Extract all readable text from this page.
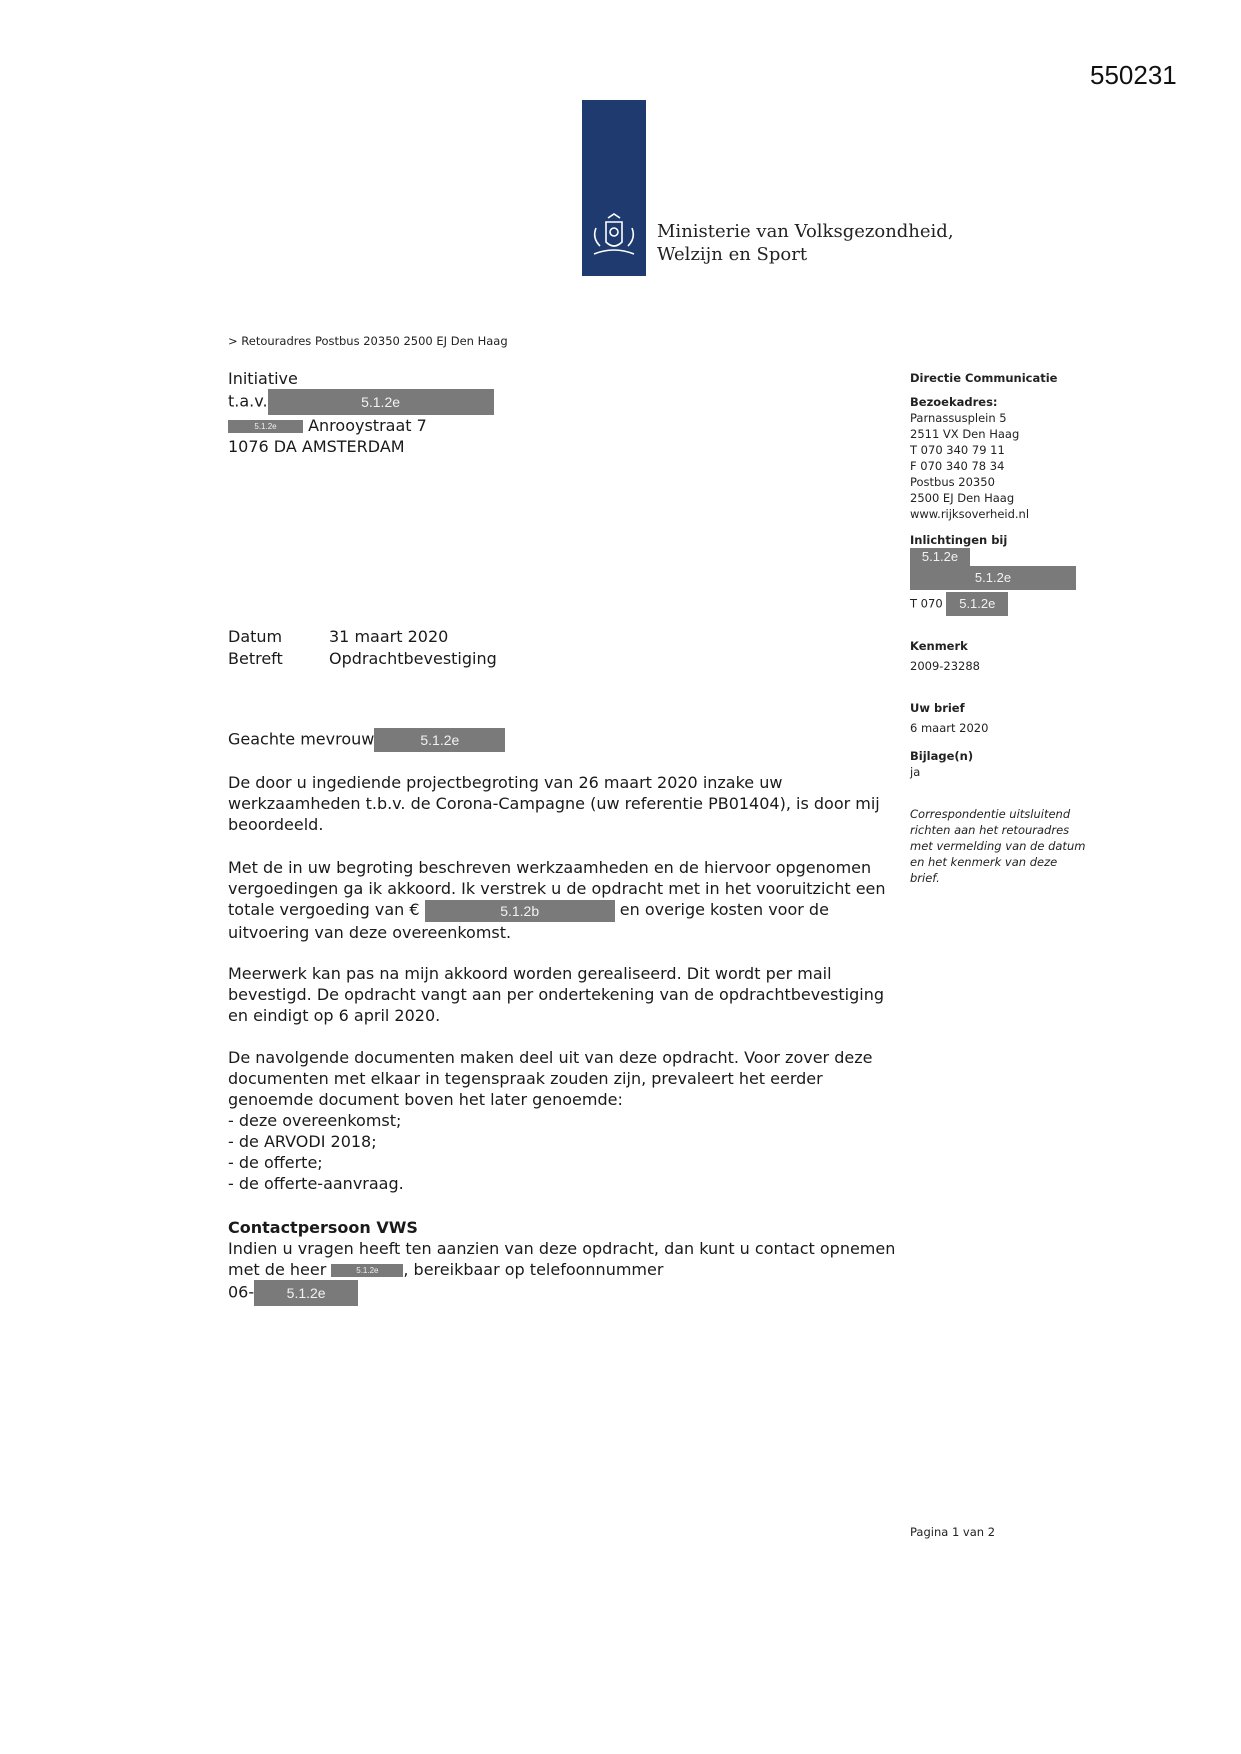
550231
Ministerie van Volksgezondheid,
Welzijn en Sport
> Retouradres Postbus 20350 2500 EJ Den Haag
Initiative
t.a.v.	5.1.2e
5.1.2e Anrooystraat 7
1076 DA AMSTERDAM
Datum	31 maart 2020
Betreft	Opdrachtbevestiging
Geachte mevrouw	5.1.2e
De door u ingediende projectbegroting van 26 maart 2020 inzake uw werkzaamheden t.b.v. de Corona-Campagne (uw referentie PB01404), is door mij beoordeeld.
Met de in uw begroting beschreven werkzaamheden en de hiervoor opgenomen vergoedingen ga ik akkoord. Ik verstrek u de opdracht met in het vooruitzicht een totale vergoeding van €	5.1.2b	en overige kosten voor de uitvoering van deze overeenkomst.
Meerwerk kan pas na mijn akkoord worden gerealiseerd. Dit wordt per mail bevestigd. De opdracht vangt aan per ondertekening van de opdrachtbevestiging en eindigt op 6 april 2020.
De navolgende documenten maken deel uit van deze opdracht. Voor zover deze documenten met elkaar in tegenspraak zouden zijn, prevaleert het eerder genoemde document boven het later genoemde:
- deze overeenkomst;
- de ARVODI 2018;
- de offerte;
- de offerte-aanvraag.
Contactpersoon VWS
Indien u vragen heeft ten aanzien van deze opdracht, dan kunt u contact opnemen met de heer	5.1.2e , bereikbaar op telefoonnummer
06- 5.1.2e
Directie Communicatie
Bezoekadres:
Parnassusplein 5
2511 VX Den Haag
T 070 340 79 11
F 070 340 78 34
Postbus 20350
2500 EJ Den Haag
www.rijksoverheid.nl
Inlichtingen bij
5.1.2e
5.1.2e
T 070 5.1.2e
Kenmerk
2009-23288
Uw brief
6 maart 2020
Bijlage(n)
ja
Correspondentie uitsluitend richten aan het retouradres met vermelding van de datum en het kenmerk van deze brief.
Pagina 1 van 2
